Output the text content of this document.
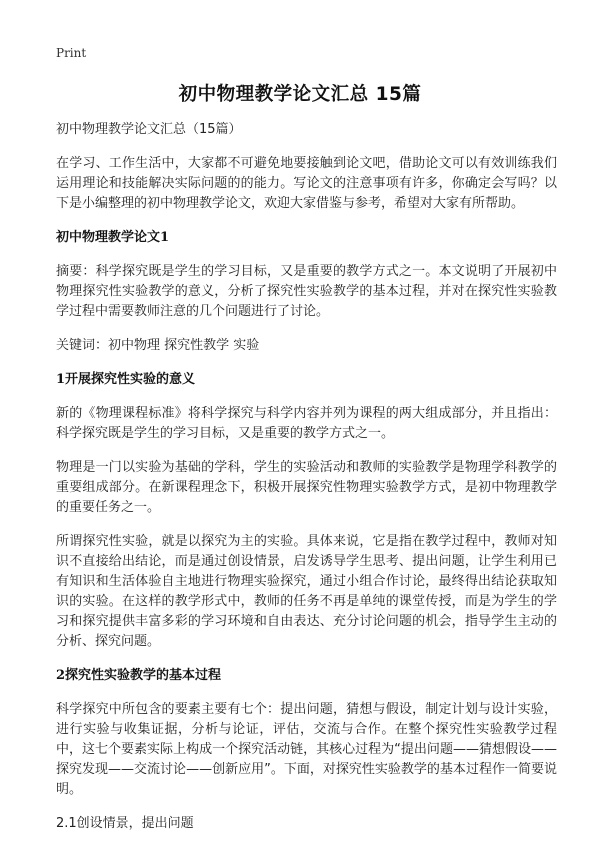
Print
初中物理教学论文汇总 15篇

初中物理教学论文汇总（15篇）

在学习、工作生活中，大家都不可避免地要接触到论文吧，借助论文可以有效训练我们运用理论和技能解决实际问题的的能力。写论文的注意事项有许多，你确定会写吗？以下是小编整理的初中物理教学论文，欢迎大家借鉴与参考，希望对大家有所帮助。

初中物理教学论文1

摘要：科学探究既是学生的学习目标，又是重要的教学方式之一。本文说明了开展初中物理探究性实验教学的意义，分析了探究性实验教学的基本过程，并对在探究性实验教学过程中需要教师注意的几个问题进行了讨论。

关键词：初中物理 探究性教学 实验

1开展探究性实验的意义

新的《物理课程标准》将科学探究与科学内容并列为课程的两大组成部分，并且指出：科学探究既是学生的学习目标，又是重要的教学方式之一。

物理是一门以实验为基础的学科，学生的实验活动和教师的实验教学是物理学科教学的重要组成部分。在新课程理念下，积极开展探究性物理实验教学方式，是初中物理教学的重要任务之一。

所谓探究性实验，就是以探究为主的实验。具体来说，它是指在教学过程中，教师对知识不直接给出结论，而是通过创设情景，启发诱导学生思考、提出问题，让学生利用已有知识和生活体验自主地进行物理实验探究，通过小组合作讨论，最终得出结论获取知识的实验。在这样的教学形式中，教师的任务不再是单纯的课堂传授，而是为学生的学习和探究提供丰富多彩的学习环境和自由表达、充分讨论问题的机会，指导学生主动的分析、探究问题。

2探究性实验教学的基本过程

科学探究中所包含的要素主要有七个：提出问题，猜想与假设，制定计划与设计实验，进行实验与收集证据，分析与论证，评估，交流与合作。在整个探究性实验教学过程中，这七个要素实际上构成一个探究活动链，其核心过程为“提出问题——猜想假设——探究发现——交流讨论——创新应用”。下面，对探究性实验教学的基本过程作一简要说明。

2.1创设情景，提出问题
